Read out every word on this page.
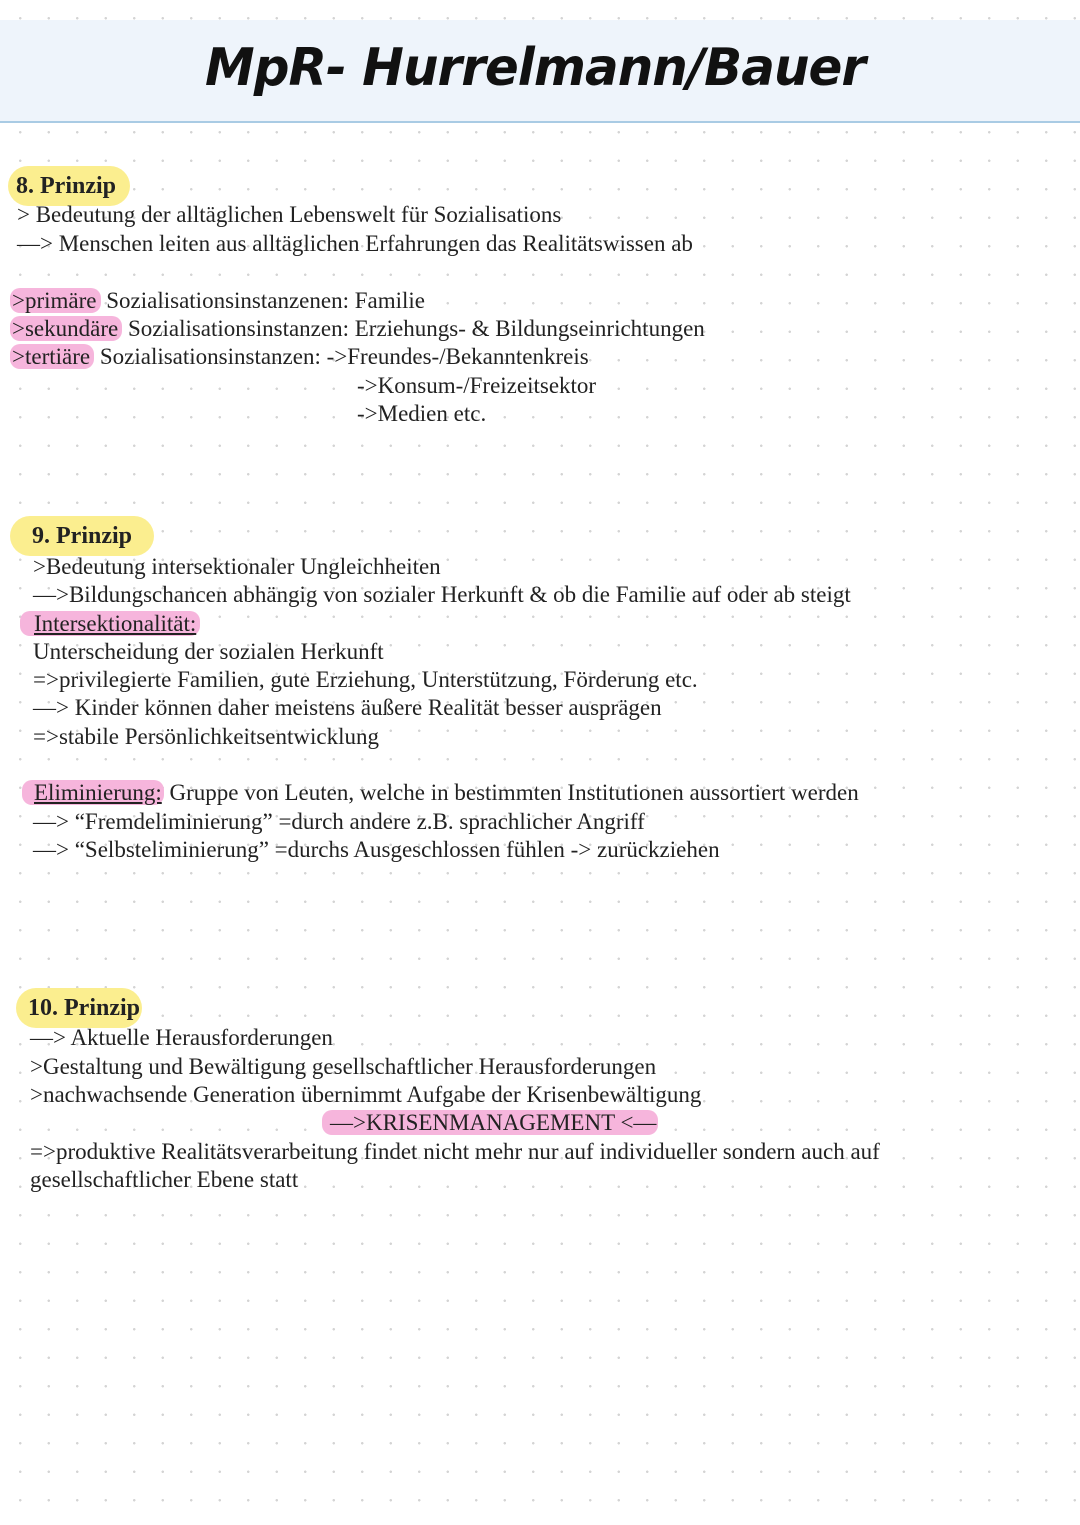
MpR- Hurrelmann/Bauer
8. Prinzip
> Bedeutung der alltäglichen Lebenswelt für Sozialisations
—> Menschen leiten aus alltäglichen Erfahrungen das Realitätswissen ab
>primäre Sozialisationsinstanzenen: Familie
>sekundäre Sozialisationsinstanzen: Erziehungs- & Bildungseinrichtungen
>tertiäre Sozialisationsinstanzen: ->Freundes-/Bekanntenkreis
->Konsum-/Freizeitsektor
->Medien etc.
9. Prinzip
>Bedeutung intersektionaler Ungleichheiten
—>Bildungschancen abhängig von sozialer Herkunft & ob die Familie auf oder ab steigt
Intersektionalität:
Unterscheidung der sozialen Herkunft
=>privilegierte Familien, gute Erziehung, Unterstützung, Förderung etc.
—> Kinder können daher meistens äußere Realität besser ausprägen
=>stabile Persönlichkeitsentwicklung
Eliminierung: Gruppe von Leuten, welche in bestimmten Institutionen aussortiert werden
—> “Fremdeliminierung” =durch andere z.B. sprachlicher Angriff
—> “Selbsteliminierung” =durchs Ausgeschlossen fühlen -> zurückziehen
10. Prinzip
—> Aktuelle Herausforderungen
>Gestaltung und Bewältigung gesellschaftlicher Herausforderungen
>nachwachsende Generation übernimmt Aufgabe der Krisenbewältigung
—>KRISENMANAGEMENT <—
=>produktive Realitätsverarbeitung findet nicht mehr nur auf individueller sondern auch auf
gesellschaftlicher Ebene statt
